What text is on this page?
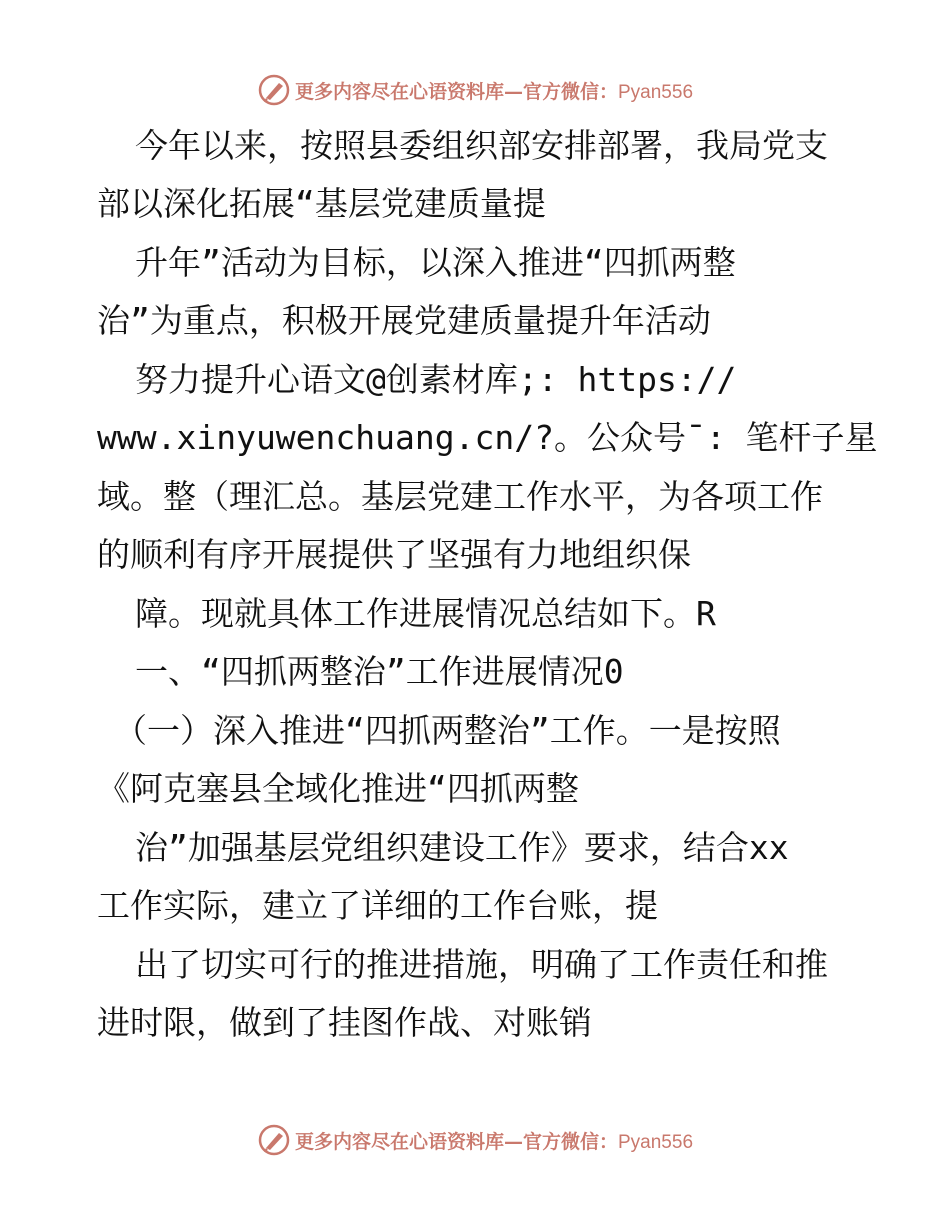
更多内容尽在心语资料库—官方微信：Pyan556
今年以来，按照县委组织部安排部署，我局党支
部以深化拓展“基层党建质量提
升年”活动为目标，以深入推进“四抓两整
治”为重点，积极开展党建质量提升年活动
努力提升心语文@创素材库;: https://
www.xinyuwenchuang.cn/?。公众号¯: 笔杆子星
域。整（理汇总。基层党建工作水平，为各项工作
的顺利有序开展提供了坚强有力地组织保
障。现就具体工作进展情况总结如下。R
一、“四抓两整治”工作进展情况0
（一）深入推进“四抓两整治”工作。一是按照
《阿克塞县全域化推进“四抓两整
治”加强基层党组织建设工作》要求，结合xx
工作实际，建立了详细的工作台账，提
出了切实可行的推进措施，明确了工作责任和推
进时限，做到了挂图作战、对账销
更多内容尽在心语资料库—官方微信：Pyan556
